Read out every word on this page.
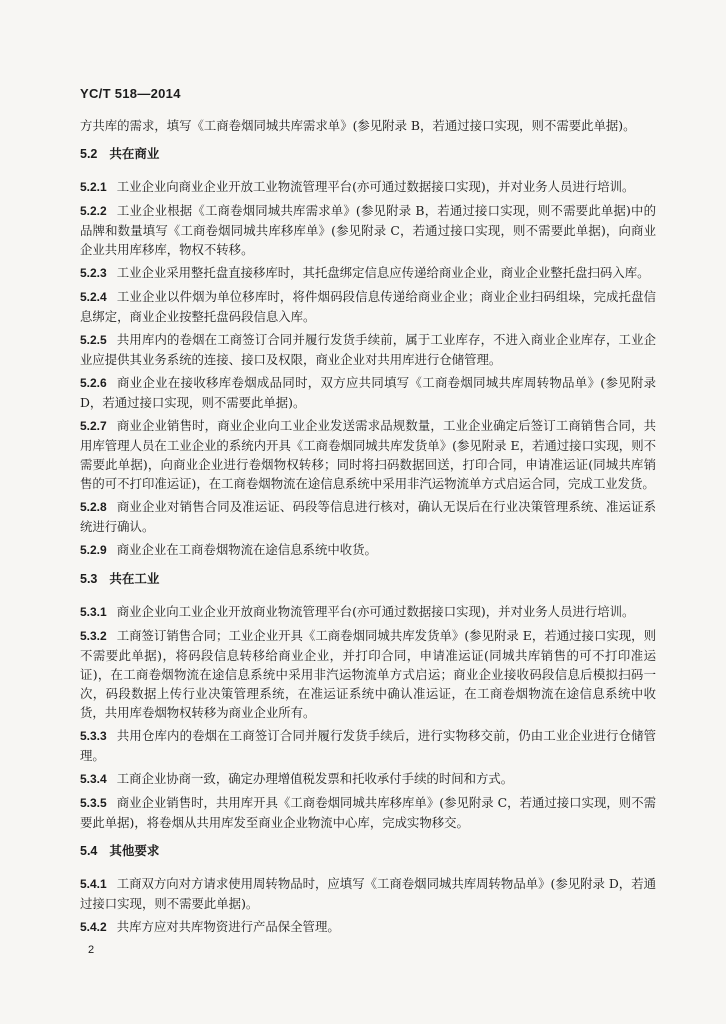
YC/T 518—2014

方共库的需求，填写《工商卷烟同城共库需求单》(参见附录 B，若通过接口实现，则不需要此单据)。

5.2 共在商业

5.2.1 工业企业向商业企业开放工业物流管理平台(亦可通过数据接口实现)，并对业务人员进行培训。

5.2.2 工业企业根据《工商卷烟同城共库需求单》(参见附录 B，若通过接口实现，则不需要此单据)中的品牌和数量填写《工商卷烟同城共库移库单》(参见附录 C，若通过接口实现，则不需要此单据)，向商业企业共用库移库，物权不转移。

5.2.3 工业企业采用整托盘直接移库时，其托盘绑定信息应传递给商业企业，商业企业整托盘扫码入库。

5.2.4 工业企业以件烟为单位移库时，将件烟码段信息传递给商业企业；商业企业扫码组垛，完成托盘信息绑定，商业企业按整托盘码段信息入库。

5.2.5 共用库内的卷烟在工商签订合同并履行发货手续前，属于工业库存，不进入商业企业库存，工业企业应提供其业务系统的连接、接口及权限，商业企业对共用库进行仓储管理。

5.2.6 商业企业在接收移库卷烟成品同时，双方应共同填写《工商卷烟同城共库周转物品单》(参见附录 D，若通过接口实现，则不需要此单据)。

5.2.7 商业企业销售时，商业企业向工业企业发送需求品规数量，工业企业确定后签订工商销售合同，共用库管理人员在工业企业的系统内开具《工商卷烟同城共库发货单》(参见附录 E，若通过接口实现，则不需要此单据)，向商业企业进行卷烟物权转移；同时将扫码数据回送，打印合同，申请准运证(同城共库销售的可不打印准运证)，在工商卷烟物流在途信息系统中采用非汽运物流单方式启运合同，完成工业发货。

5.2.8 商业企业对销售合同及准运证、码段等信息进行核对，确认无误后在行业决策管理系统、准运证系统进行确认。

5.2.9 商业企业在工商卷烟物流在途信息系统中收货。

5.3 共在工业

5.3.1 商业企业向工业企业开放商业物流管理平台(亦可通过数据接口实现)，并对业务人员进行培训。

5.3.2 工商签订销售合同；工业企业开具《工商卷烟同城共库发货单》(参见附录 E，若通过接口实现，则不需要此单据)，将码段信息转移给商业企业，并打印合同，申请准运证(同城共库销售的可不打印准运证)，在工商卷烟物流在途信息系统中采用非汽运物流单方式启运；商业企业接收码段信息后模拟扫码一次，码段数据上传行业决策管理系统，在准运证系统中确认准运证，在工商卷烟物流在途信息系统中收货，共用库卷烟物权转移为商业企业所有。

5.3.3 共用仓库内的卷烟在工商签订合同并履行发货手续后，进行实物移交前，仍由工业企业进行仓储管理。

5.3.4 工商企业协商一致，确定办理增值税发票和托收承付手续的时间和方式。

5.3.5 商业企业销售时，共用库开具《工商卷烟同城共库移库单》(参见附录 C，若通过接口实现，则不需要此单据)，将卷烟从共用库发至商业企业物流中心库，完成实物移交。

5.4 其他要求

5.4.1 工商双方向对方请求使用周转物品时，应填写《工商卷烟同城共库周转物品单》(参见附录 D，若通过接口实现，则不需要此单据)。

5.4.2 共库方应对共库物资进行产品保全管理。

2
